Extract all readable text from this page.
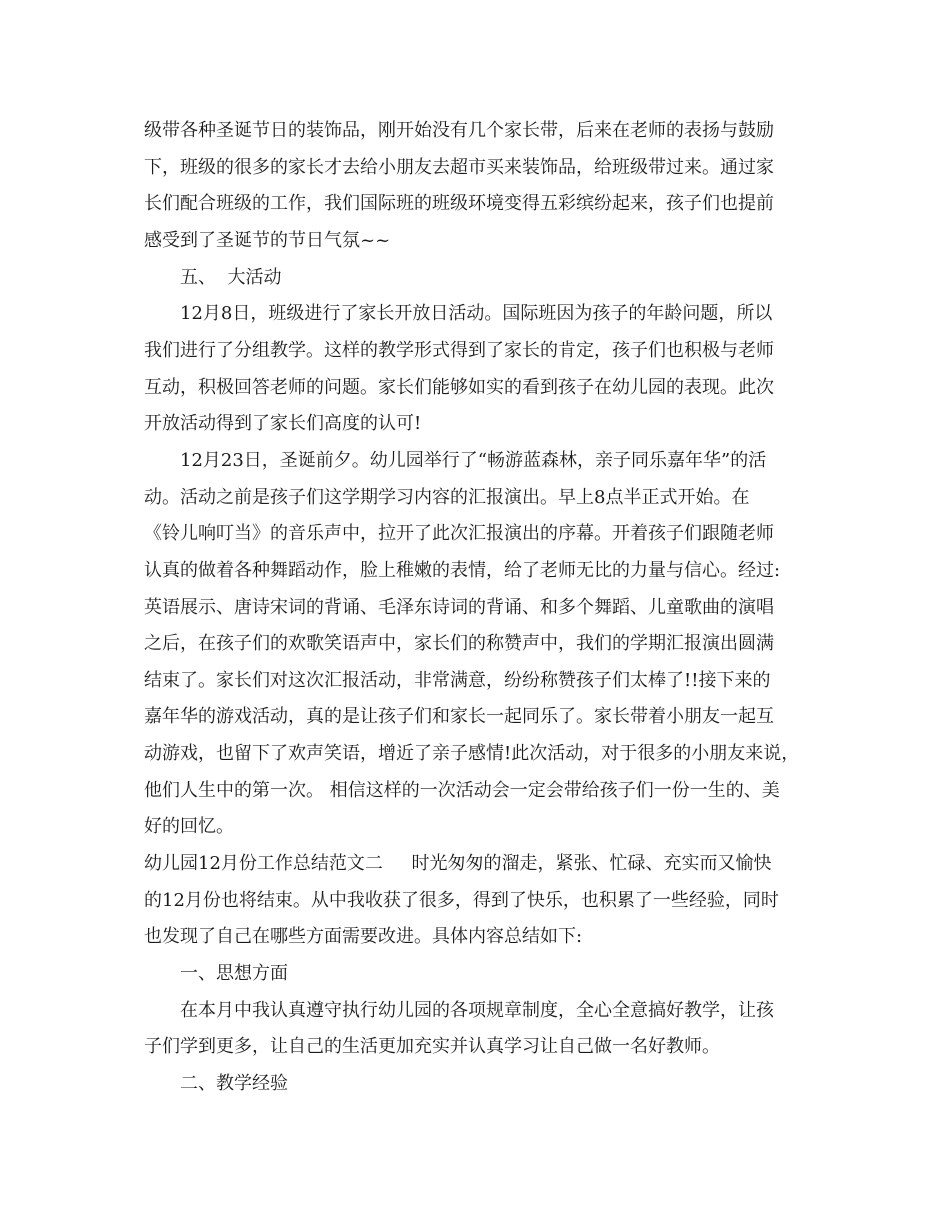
级带各种圣诞节日的装饰品，刚开始没有几个家长带，后来在老师的表扬与鼓励
下，班级的很多的家长才去给小朋友去超市买来装饰品，给班级带过来。通过家
长们配合班级的工作，我们国际班的班级环境变得五彩缤纷起来，孩子们也提前
感受到了圣诞节的节日气氛~~
五、  大活动
12月8日，班级进行了家长开放日活动。国际班因为孩子的年龄问题，所以
我们进行了分组教学。这样的教学形式得到了家长的肯定，孩子们也积极与老师
互动，积极回答老师的问题。家长们能够如实的看到孩子在幼儿园的表现。此次
开放活动得到了家长们高度的认可!
12月23日，圣诞前夕。幼儿园举行了“畅游蓝森林，亲子同乐嘉年华”的活
动。活动之前是孩子们这学期学习内容的汇报演出。早上8点半正式开始。在
《铃儿响叮当》的音乐声中，拉开了此次汇报演出的序幕。开着孩子们跟随老师
认真的做着各种舞蹈动作，脸上稚嫩的表情，给了老师无比的力量与信心。经过:
英语展示、唐诗宋词的背诵、毛泽东诗词的背诵、和多个舞蹈、儿童歌曲的演唱
之后，在孩子们的欢歌笑语声中，家长们的称赞声中，我们的学期汇报演出圆满
结束了。家长们对这次汇报活动，非常满意，纷纷称赞孩子们太棒了!!接下来的
嘉年华的游戏活动，真的是让孩子们和家长一起同乐了。家长带着小朋友一起互
动游戏，也留下了欢声笑语，增近了亲子感情!此次活动，对于很多的小朋友来说，
他们人生中的第一次。 相信这样的一次活动会一定会带给孩子们一份一生的、美
好的回忆。
幼儿园12月份工作总结范文二     时光匆匆的溜走，紧张、忙碌、充实而又愉快
的12月份也将结束。从中我收获了很多，得到了快乐，也积累了一些经验，同时
也发现了自己在哪些方面需要改进。具体内容总结如下:
一、思想方面
在本月中我认真遵守执行幼儿园的各项规章制度，全心全意搞好教学，让孩
子们学到更多，让自己的生活更加充实并认真学习让自己做一名好教师。
二、教学经验
